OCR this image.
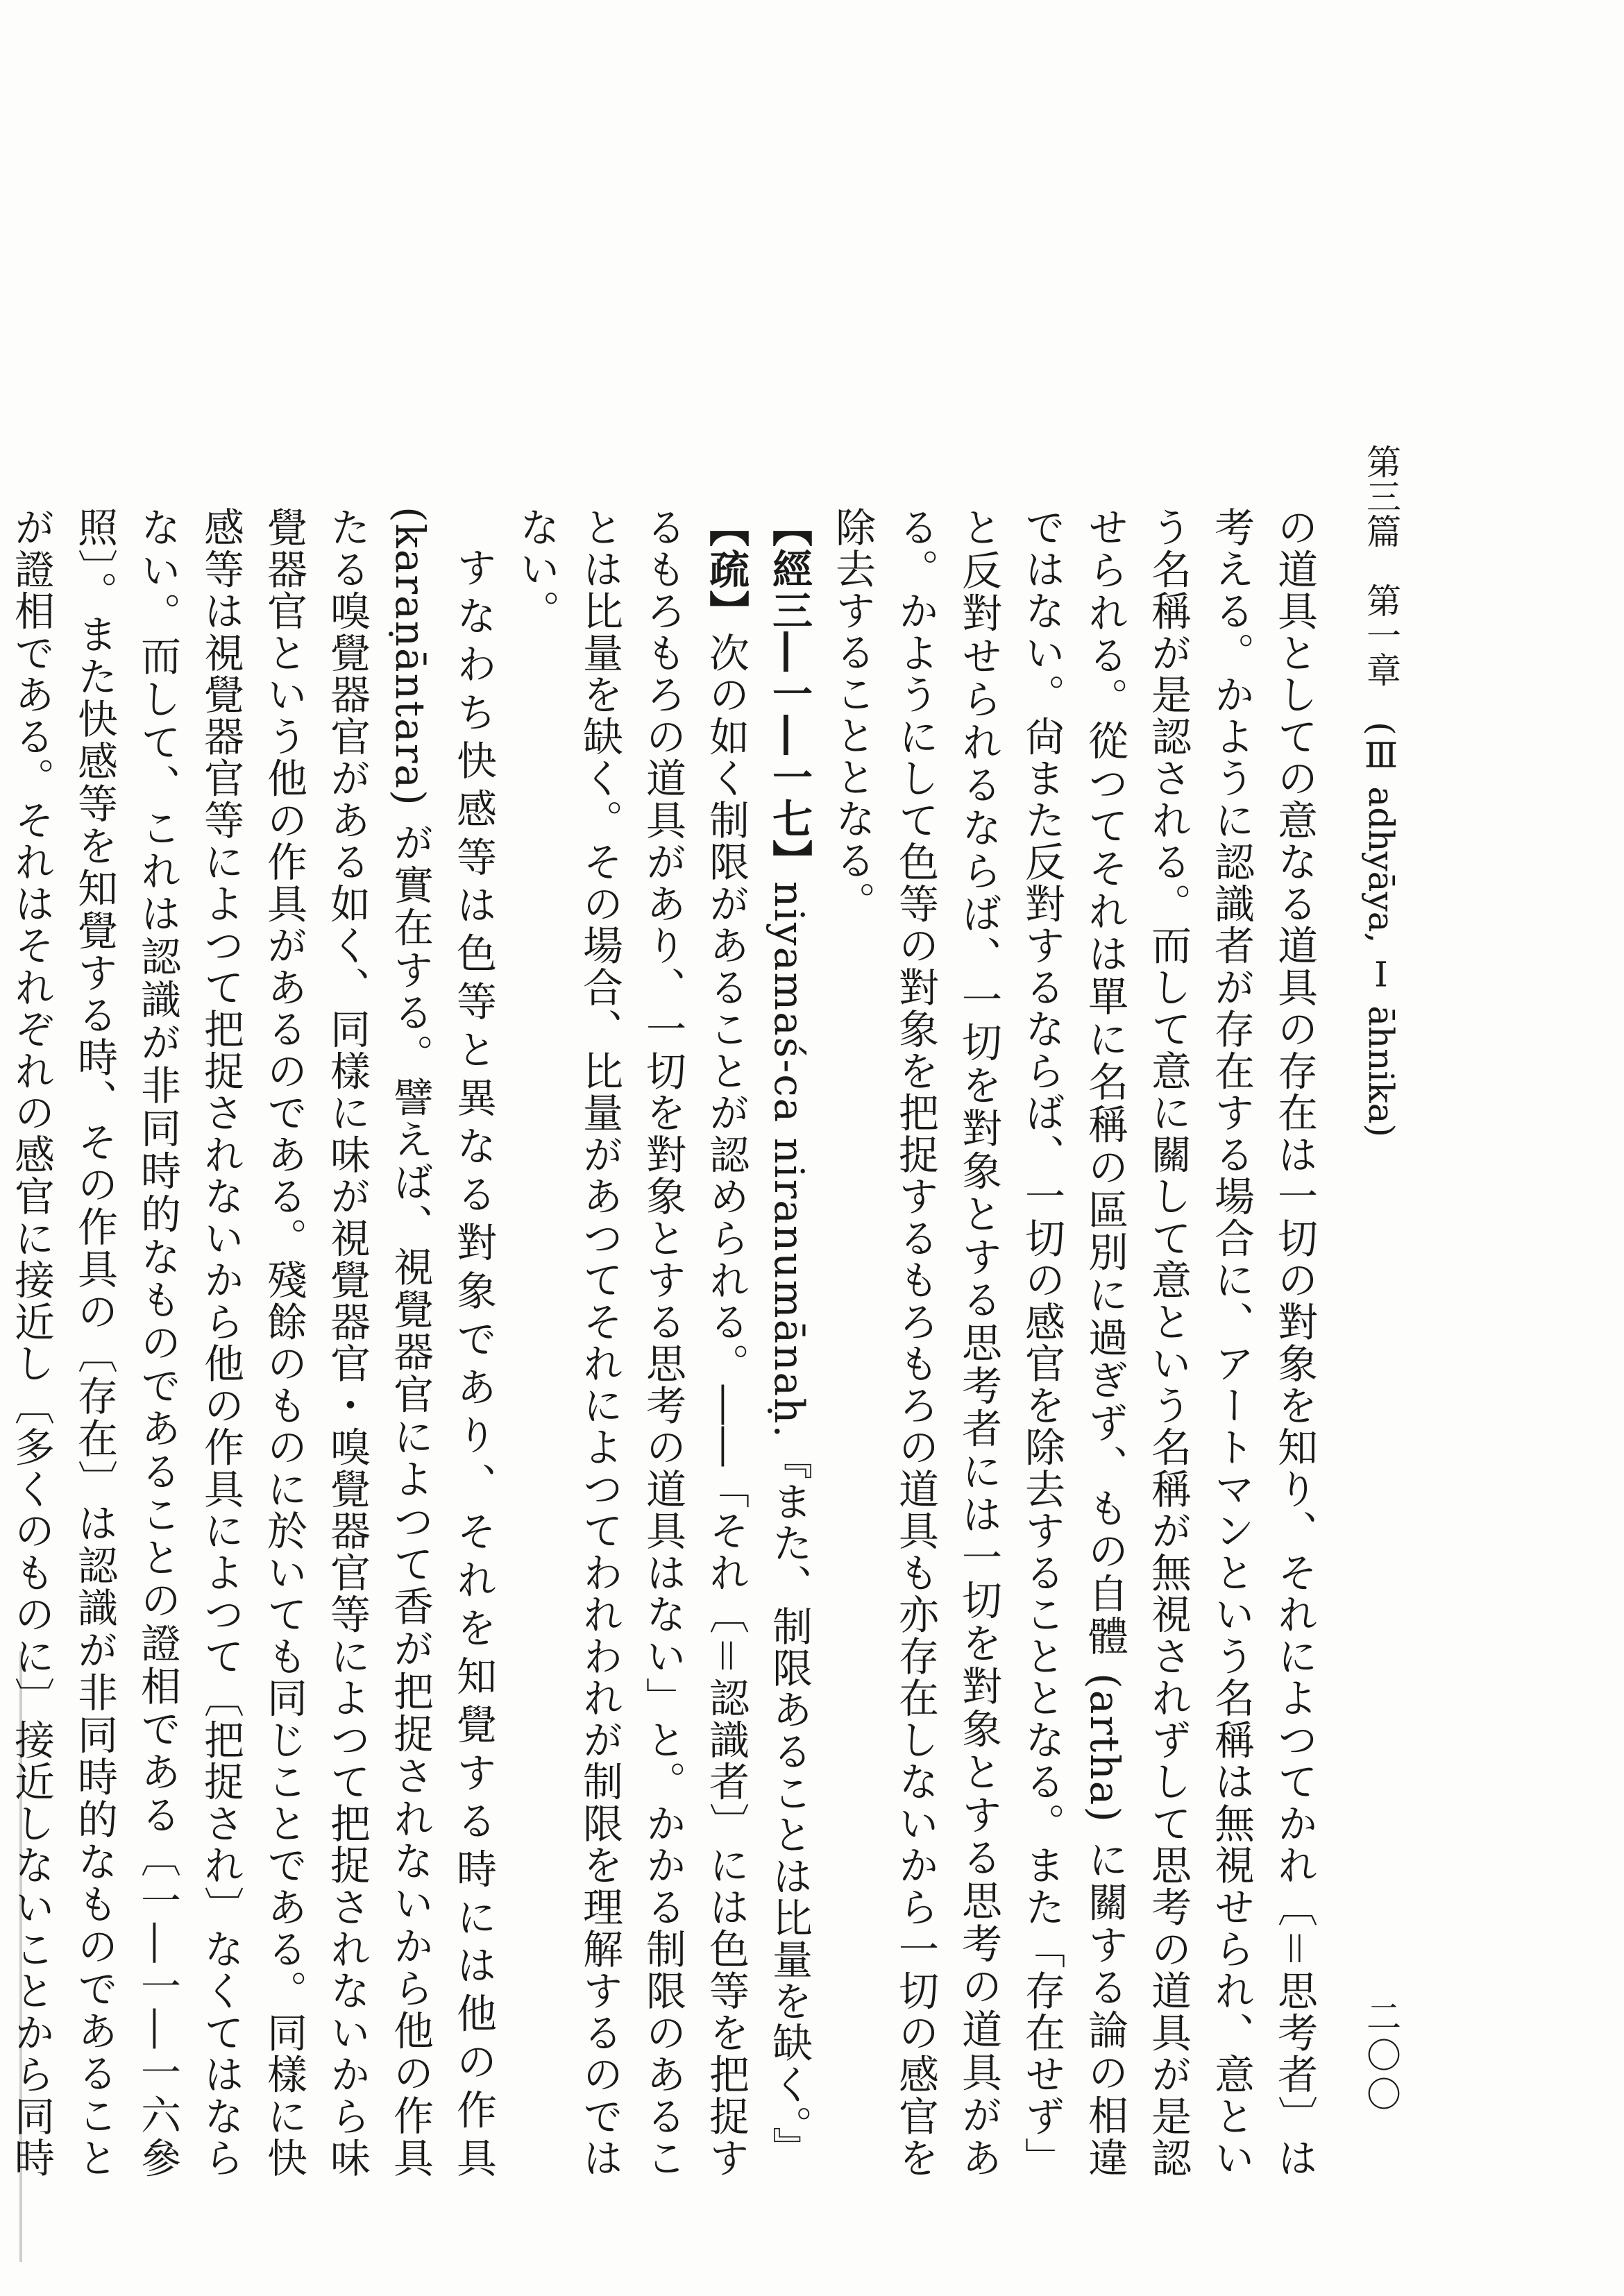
第三篇　第一章　(Ⅲ adhyāya, Ⅰ āhnika)
二〇〇

の道具としての意なる道具の存在は一切の對象を知り、それによつてかれ〔＝思考者〕は考える。かように認識者が存在する場合に、アートマンという名稱は無視せられ、意という名稱が是認される。而して意に關して意という名稱が無視されずして思考の道具が是認せられる。從つてそれは單に名稱の區別に過ぎず、もの自體 (artha) に關する論の相違ではない。尙また反對するならば、一切の感官を除去することとなる。また「存在せず」と反對せられるならば、一切を對象とする思考者には一切を對象とする思考の道具がある。かようにして色等の對象を把捉するもろもろの道具も亦存在しないから一切の感官を除去することとなる。

【經三―一―一七】niyamaś-ca niranumānaḥ.『また、制限あることは比量を缺く。』

【疏】次の如く制限があることが認められる。――「それ〔＝認識者〕には色等を把捉するもろもろの道具があり、一切を對象とする思考の道具はない」と。かかる制限のあることは比量を缺く。その場合、比量があつてそれによつてわれわれが制限を理解するのではない。

すなわち快感等は色等と異なる對象であり、それを知覺する時には他の作具 (karaṇāntara) が實在する。譬えば、視覺器官によつて香が把捉されないから他の作具たる嗅覺器官がある如く、同樣に味が視覺器官・嗅覺器官等によつて把捉されないから味覺器官という他の作具があるのである。殘餘のものに於いても同じことである。同樣に快感等は視覺器官等によつて把捉されないから他の作具によつて〔把捉され〕なくてはならない。而して、これは認識が非同時的なものであることの證相である〔一―一―一六參照〕。また快感等を知覺する時、その作具の〔存在〕は認識が非同時的なものであることが證相である。それはそれぞれの感官に接近し〔多くのものに〕接近しないことから同時
